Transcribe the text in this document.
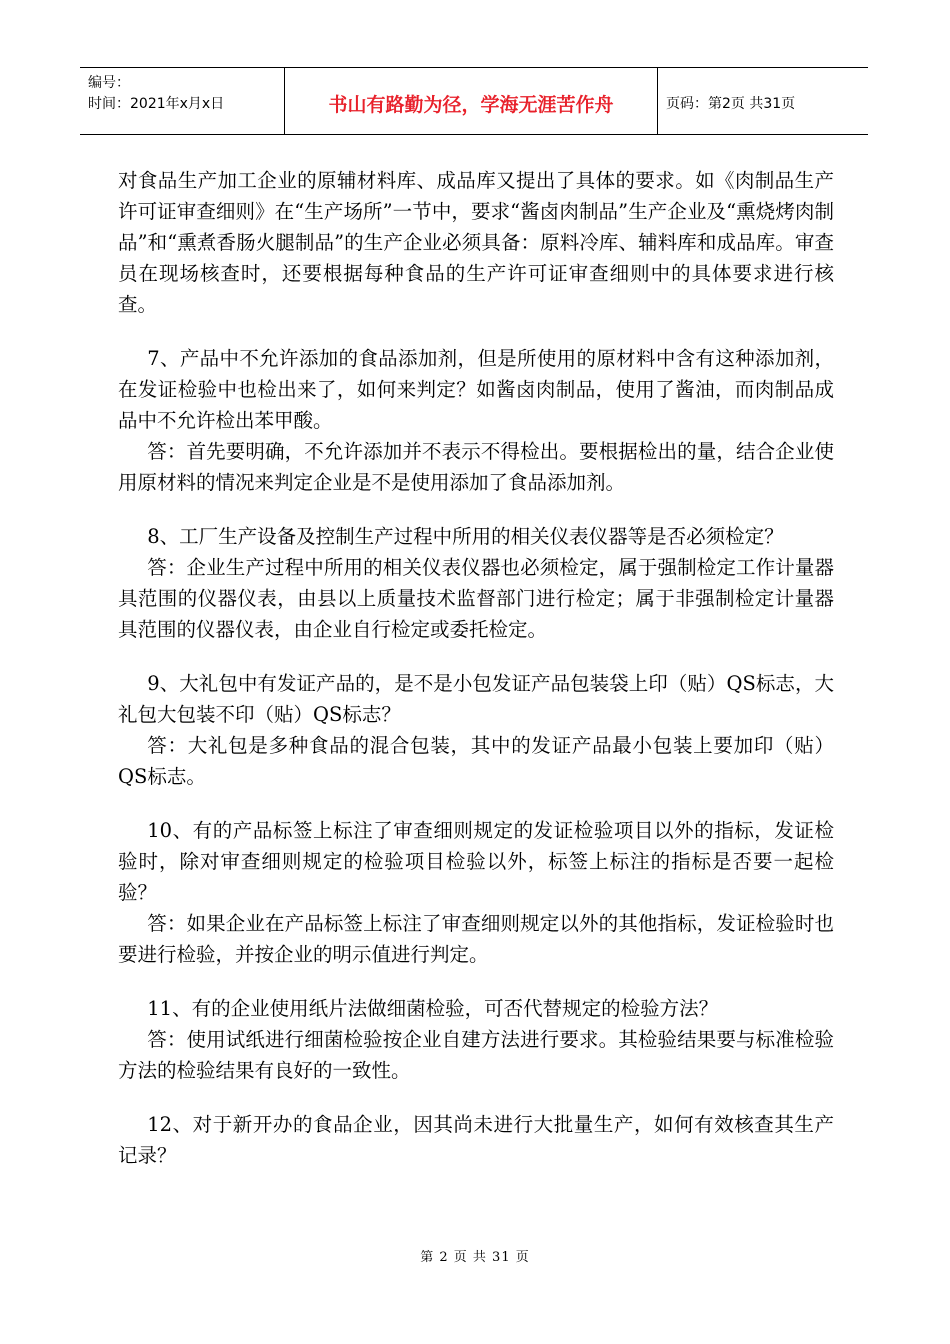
编号：
时间：2021年x月x日	书山有路勤为径，学海无涯苦作舟	页码：第2页 共31页

对食品生产加工企业的原辅材料库、成品库又提出了具体的要求。如《肉制品生产许可证审查细则》在“生产场所”一节中，要求“酱卤肉制品”生产企业及“熏烧烤肉制品”和“熏煮香肠火腿制品”的生产企业必须具备：原料冷库、辅料库和成品库。审查员在现场核查时，还要根据每种食品的生产许可证审查细则中的具体要求进行核查。

7、产品中不允许添加的食品添加剂，但是所使用的原材料中含有这种添加剂，在发证检验中也检出来了，如何来判定？如酱卤肉制品，使用了酱油，而肉制品成品中不允许检出苯甲酸。

答：首先要明确，不允许添加并不表示不得检出。要根据检出的量，结合企业使用原材料的情况来判定企业是不是使用添加了食品添加剂。

8、工厂生产设备及控制生产过程中所用的相关仪表仪器等是否必须检定？

答：企业生产过程中所用的相关仪表仪器也必须检定，属于强制检定工作计量器具范围的仪器仪表，由县以上质量技术监督部门进行检定；属于非强制检定计量器具范围的仪器仪表，由企业自行检定或委托检定。

9、大礼包中有发证产品的，是不是小包发证产品包装袋上印（贴）QS标志，大礼包大包装不印（贴）QS标志？

答：大礼包是多种食品的混合包装，其中的发证产品最小包装上要加印（贴）QS标志。

10、有的产品标签上标注了审查细则规定的发证检验项目以外的指标，发证检验时，除对审查细则规定的检验项目检验以外，标签上标注的指标是否要一起检验？

答：如果企业在产品标签上标注了审查细则规定以外的其他指标，发证检验时也要进行检验，并按企业的明示值进行判定。

11、有的企业使用纸片法做细菌检验，可否代替规定的检验方法？

答：使用试纸进行细菌检验按企业自建方法进行要求。其检验结果要与标准检验方法的检验结果有良好的一致性。

12、对于新开办的食品企业，因其尚未进行大批量生产，如何有效核查其生产记录？

第 2 页 共 31 页
